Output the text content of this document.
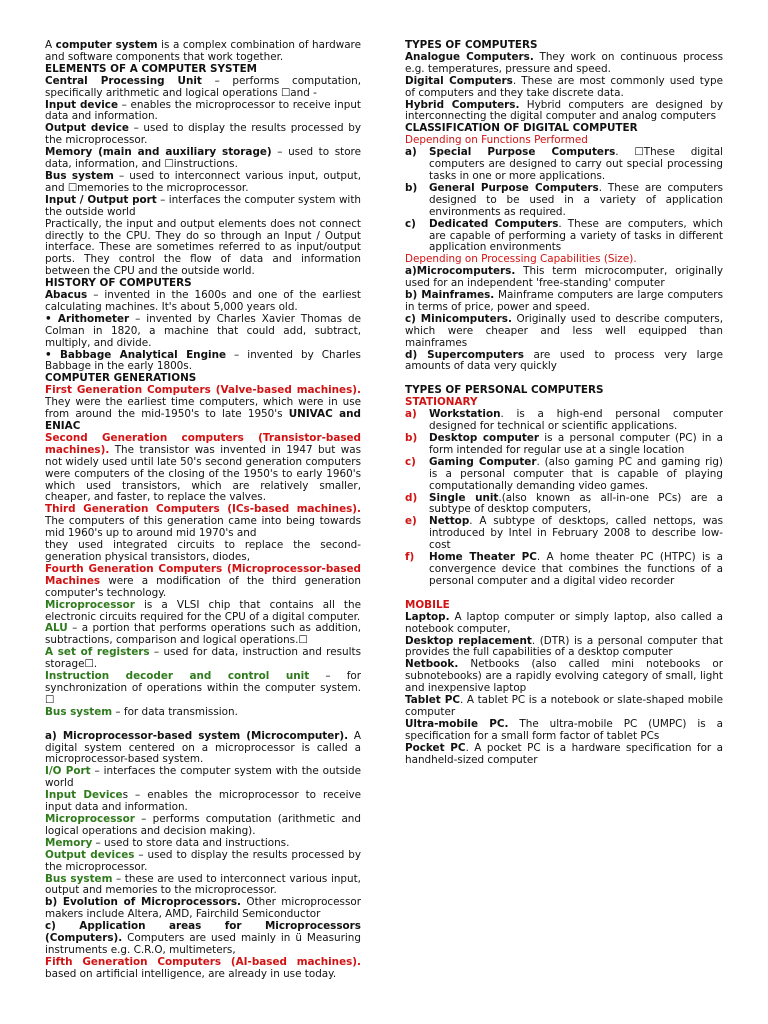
A computer system is a complex combination of hardware and software components that work together.

ELEMENTS OF A COMPUTER SYSTEM

Central Processing Unit – performs computation, specifically arithmetic and logical operations ☐and -

Input device – enables the microprocessor to receive input data and information.

Output device – used to display the results processed by the microprocessor.

Memory (main and auxiliary storage) – used to store data, information, and ☐instructions.

Bus system – used to interconnect various input, output, and ☐memories to the microprocessor.

Input / Output port – interfaces the computer system with the outside world

Practically, the input and output elements does not connect directly to the CPU. They do so through an Input / Output interface. These are sometimes referred to as input/output ports. They control the flow of data and information between the CPU and the outside world.

HISTORY OF COMPUTERS

Abacus – invented in the 1600s and one of the earliest calculating machines. It's about 5,000 years old.

• Arithometer – invented by Charles Xavier Thomas de Colman in 1820, a machine that could add, subtract, multiply, and divide.

• Babbage Analytical Engine – invented by Charles Babbage in the early 1800s.

COMPUTER GENERATIONS

First Generation Computers (Valve-based machines). They were the earliest time computers, which were in use from around the mid-1950's to late 1950's UNIVAC and ENIAC

Second Generation computers (Transistor-based machines). The transistor was invented in 1947 but was not widely used until late 50's second generation computers were computers of the closing of the 1950's to early 1960's which used transistors, which are relatively smaller, cheaper, and faster, to replace the valves.

Third Generation Computers (ICs-based machines). The computers of this generation came into being towards mid 1960's up to around mid 1970's and

they used integrated circuits to replace the second-generation physical transistors, diodes,

Fourth Generation Computers (Microprocessor-based Machines were a modification of the third generation computer's technology.

Microprocessor is a VLSI chip that contains all the electronic circuits required for the CPU of a digital computer.

ALU – a portion that performs operations such as addition, subtractions, comparison and logical operations.☐

A set of registers – used for data, instruction and results storage☐.

Instruction decoder and control unit – for synchronization of operations within the computer system. ☐

Bus system – for data transmission.

a) Microprocessor-based system (Microcomputer). A digital system centered on a microprocessor is called a microprocessor-based system.

I/O Port – interfaces the computer system with the outside world

Input Devices – enables the microprocessor to receive input data and information.

Microprocessor – performs computation (arithmetic and logical operations and decision making).

Memory – used to store data and instructions.

Output devices – used to display the results processed by the microprocessor.

Bus system – these are used to interconnect various input, output and memories to the microprocessor.

b) Evolution of Microprocessors. Other microprocessor makers include Altera, AMD, Fairchild Semiconductor

c) Application areas for Microprocessors (Computers). Computers are used mainly in ü Measuring instruments e.g. C.R.O, multimeters,

Fifth Generation Computers (AI-based machines). based on artificial intelligence, are already in use today.

TYPES OF COMPUTERS

Analogue Computers. They work on continuous process e.g. temperatures, pressure and speed.

Digital Computers. These are most commonly used type of computers and they take discrete data.

Hybrid Computers. Hybrid computers are designed by interconnecting the digital computer and analog computers

CLASSIFICATION OF DIGITAL COMPUTER

Depending on Functions Performed

a)	Special Purpose Computers. ☐These digital computers are designed to carry out special processing tasks in one or more applications.
b)	General Purpose Computers. These are computers designed to be used in a variety of application environments as required.
c)	Dedicated Computers. These are computers, which are capable of performing a variety of tasks in different application environments

Depending on Processing Capabilities (Size).

a)Microcomputers. This term microcomputer, originally used for an independent 'free-standing' computer

b) Mainframes. Mainframe computers are large computers in terms of price, power and speed.

c) Minicomputers. Originally used to describe computers, which were cheaper and less well equipped than mainframes

d) Supercomputers are used to process very large amounts of data very quickly

TYPES OF PERSONAL COMPUTERS

STATIONARY

a)	Workstation. is a high-end personal computer designed for technical or scientific applications.
b)	Desktop computer is a personal computer (PC) in a form intended for regular use at a single location
c)	Gaming Computer. (also gaming PC and gaming rig) is a personal computer that is capable of playing computationally demanding video games.
d)	Single unit.(also known as all-in-one PCs) are a subtype of desktop computers,
e)	Nettop. A subtype of desktops, called nettops, was introduced by Intel in February 2008 to describe low-cost
f)	Home Theater PC. A home theater PC (HTPC) is a convergence device that combines the functions of a personal computer and a digital video recorder

MOBILE

Laptop. A laptop computer or simply laptop, also called a notebook computer,

Desktop replacement. (DTR) is a personal computer that provides the full capabilities of a desktop computer

Netbook. Netbooks (also called mini notebooks or subnotebooks) are a rapidly evolving category of small, light and inexpensive laptop

Tablet PC. A tablet PC is a notebook or slate-shaped mobile computer

Ultra-mobile PC. The ultra-mobile PC (UMPC) is a specification for a small form factor of tablet PCs

Pocket PC. A pocket PC is a hardware specification for a handheld-sized computer
